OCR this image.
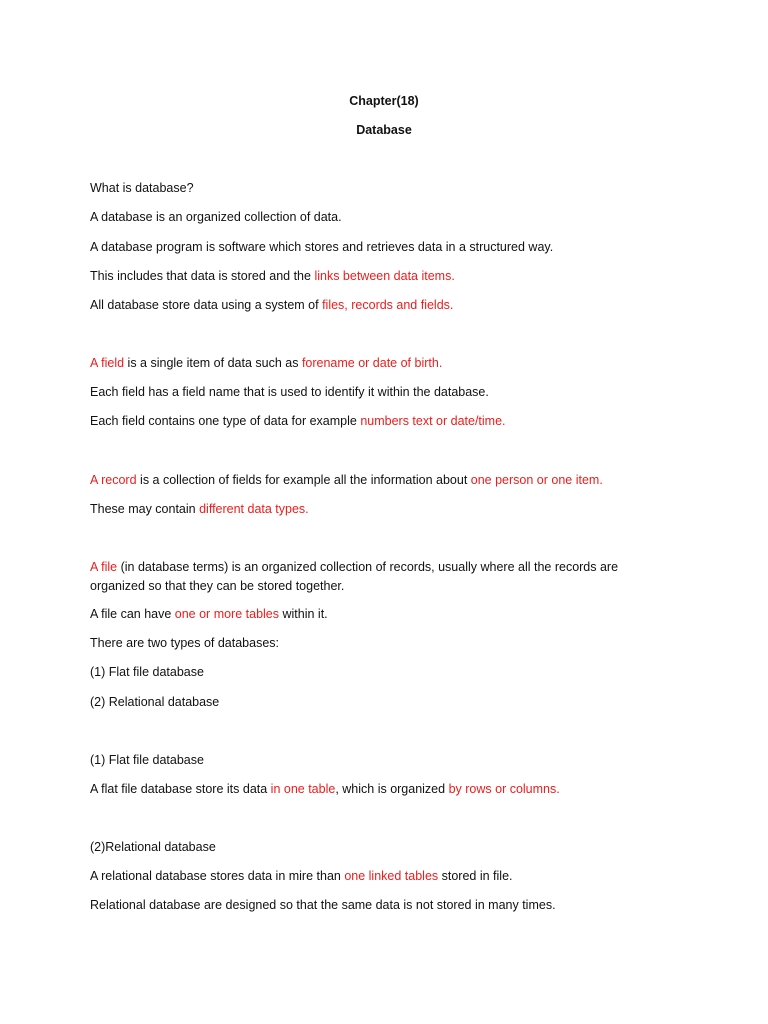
Chapter(18)
Database
What is database?
A database is an organized collection of data.
A database program is software which stores and retrieves data in a structured way.
This includes that data is stored and the links between data items.
All database store data using a system of files, records and fields.
A field is a single item of data such as forename or date of birth.
Each field has a field name that is used to identify it within the database.
Each field contains one type of data for example numbers text or date/time.
A record is a collection of fields for example all the information about one person or one item.
These may contain different data types.
A file (in database terms) is an organized collection of records, usually where all the records are
organized so that they can be stored together.
A file can have one or more tables within it.
There are two types of databases:
(1) Flat file database
(2) Relational database
(1) Flat file database
A flat file database store its data in one table, which is organized by rows or columns.
(2)Relational database
A relational database stores data in mire than one linked tables stored in file.
Relational database are designed so that the same data is not stored in many times.
